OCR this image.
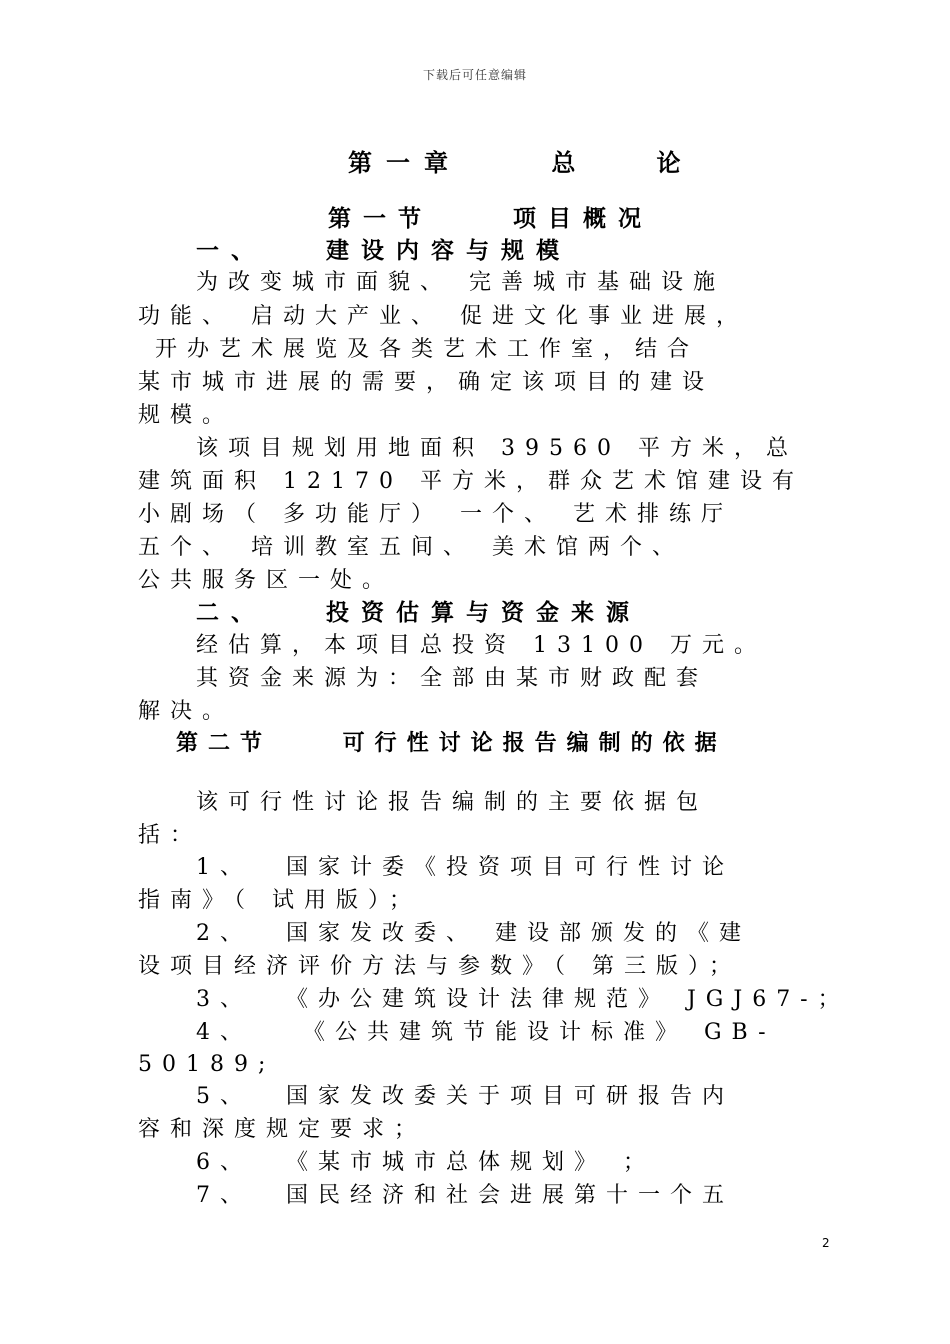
下载后可任意编辑
第一章    总   论
第一节    项目概况
一、   建设内容与规模
为改变城市面貌、 完善城市基础设施
功能、 启动大产业、 促进文化事业进展，
开办艺术展览及各类艺术工作室，结合
某市城市进展的需要，确定该项目的建设
规模。
该项目规划用地面积 39560 平方米，总
建筑面积 12170 平方米，群众艺术馆建设有
小剧场（ 多功能厅） 一个、 艺术排练厅
五个、 培训教室五间、 美术馆两个、
公共服务区一处。
二、   投资估算与资金来源
经估算，本项目总投资 13100 万元。
其资金来源为：全部由某市财政配套
解决。
第二节    可行性讨论报告编制的依据
该可行性讨论报告编制的主要依据包
括：
1、  国家计委《投资项目可行性讨论
指南》（ 试用版）；
2、  国家发改委、 建设部颁发的《建
设项目经济评价方法与参数》（ 第三版）；
3、  《办公建筑设计法律规范》 JGJ67-；
4、   《公共建筑节能设计标准》 GB-
50189;
5、  国家发改委关于项目可研报告内
容和深度规定要求；
6、  《某市城市总体规划》 ；
7、  国民经济和社会进展第十一个五
2
